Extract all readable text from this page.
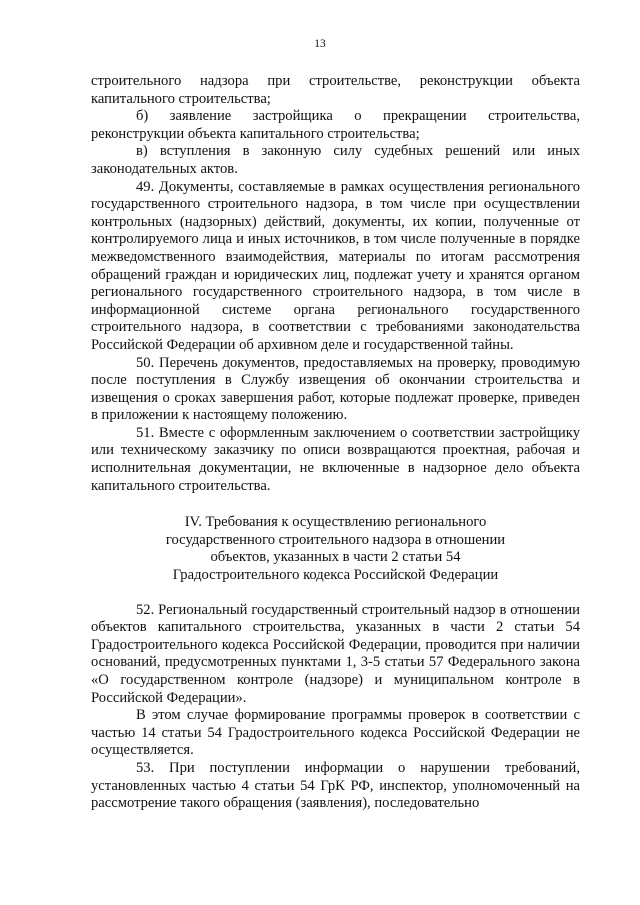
13

строительного надзора при строительстве, реконструкции объекта капитального строительства;

б) заявление застройщика о прекращении строительства, реконструкции объекта капитального строительства;

в) вступления в законную силу судебных решений или иных законодательных актов.

49. Документы, составляемые в рамках осуществления регионального государственного строительного надзора, в том числе при осуществлении контрольных (надзорных) действий, документы, их копии, полученные от контролируемого лица и иных источников, в том числе полученные в порядке межведомственного взаимодействия, материалы по итогам рассмотрения обращений граждан и юридических лиц, подлежат учету и хранятся органом регионального государственного строительного надзора, в том числе в информационной системе органа регионального государственного строительного надзора, в соответствии с требованиями законодательства Российской Федерации об архивном деле и государственной тайны.

50. Перечень документов, предоставляемых на проверку, проводимую после поступления в Службу извещения об окончании строительства и извещения о сроках завершения работ, которые подлежат проверке, приведен в приложении к настоящему положению.

51. Вместе с оформленным заключением о соответствии застройщику или техническому заказчику по описи возвращаются проектная, рабочая и исполнительная документации, не включенные в надзорное дело объекта капитального строительства.

IV. Требования к осуществлению регионального
государственного строительного надзора в отношении
объектов, указанных в части 2 статьи 54
Градостроительного кодекса Российской Федерации

52. Региональный государственный строительный надзор в отношении объектов капитального строительства, указанных в части 2 статьи 54 Градостроительного кодекса Российской Федерации, проводится при наличии оснований, предусмотренных пунктами 1, 3-5 статьи 57 Федерального закона «О государственном контроле (надзоре) и муниципальном контроле в Российской Федерации».

В этом случае формирование программы проверок в соответствии с частью 14 статьи 54 Градостроительного кодекса Российской Федерации не осуществляется.

53. При поступлении информации о нарушении требований, установленных частью 4 статьи 54 ГрК РФ, инспектор, уполномоченный на рассмотрение такого обращения (заявления), последовательно
